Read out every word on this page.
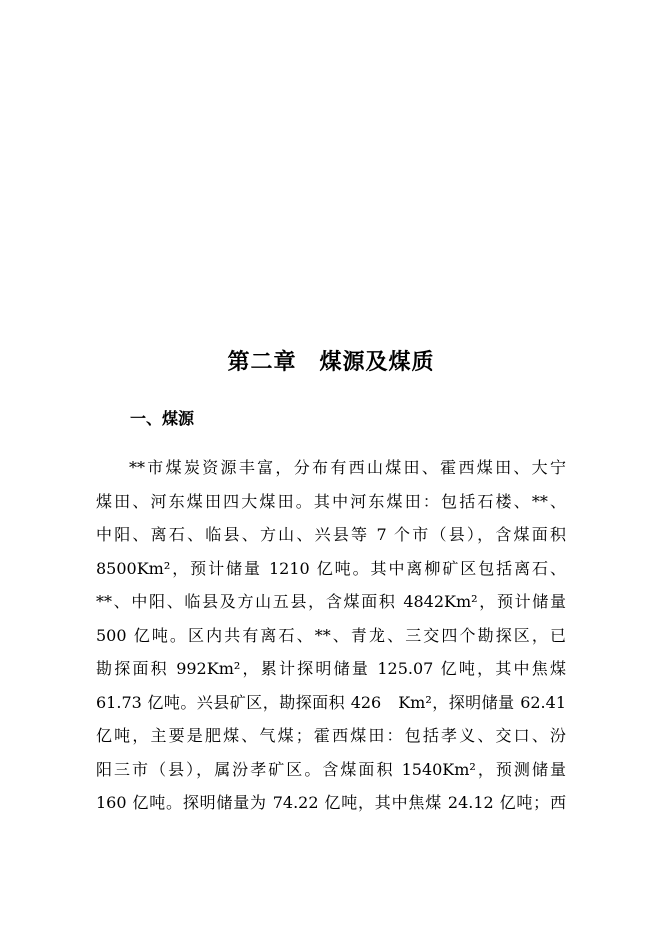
第二章　煤源及煤质
一、煤源
**市煤炭资源丰富，分布有西山煤田、霍西煤田、大宁
煤田、河东煤田四大煤田。其中河东煤田：包括石楼、**、
中阳、离石、临县、方山、兴县等 7 个市（县），含煤面积
8500Km²，预计储量 1210 亿吨。其中离柳矿区包括离石、
**、中阳、临县及方山五县，含煤面积 4842Km²，预计储量
500 亿吨。区内共有离石、**、青龙、三交四个勘探区，已
勘探面积 992Km²，累计探明储量 125.07 亿吨，其中焦煤
61.73 亿吨。兴县矿区，勘探面积 426　Km²，探明储量 62.41
亿吨，主要是肥煤、气煤；霍西煤田：包括孝义、交口、汾
阳三市（县），属汾孝矿区。含煤面积 1540Km²，预测储量
160 亿吨。探明储量为 74.22 亿吨，其中焦煤 24.12 亿吨；西
